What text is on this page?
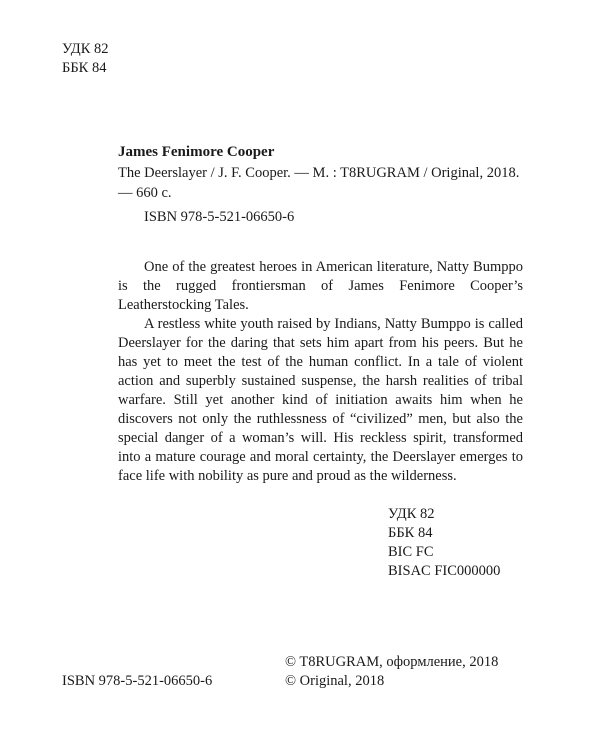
УДК 82
ББК 84
James Fenimore Cooper
The Deerslayer / J. F. Cooper. — M. : T8RUGRAM / Original, 2018. — 660 c.
ISBN 978-5-521-06650-6

One of the greatest heroes in American literature, Natty Bumppo is the rugged frontiersman of James Fenimore Cooper’s Leatherstocking Tales.

A restless white youth raised by Indians, Natty Bumppo is called Deerslayer for the daring that sets him apart from his peers. But he has yet to meet the test of the human conflict. In a tale of violent action and superbly sustained suspense, the harsh realities of tribal warfare. Still yet another kind of initiation awaits him when he discovers not only the ruthlessness of “civilized” men, but also the special danger of a woman’s will. His reckless spirit, transformed into a mature courage and moral certainty, the Deerslayer emerges to face life with nobility as pure and proud as the wilderness.

УДК 82
ББК 84
BIC FC
BISAC FIC000000
ISBN 978-5-521-06650-6
© T8RUGRAM, оформление, 2018
© Original, 2018
